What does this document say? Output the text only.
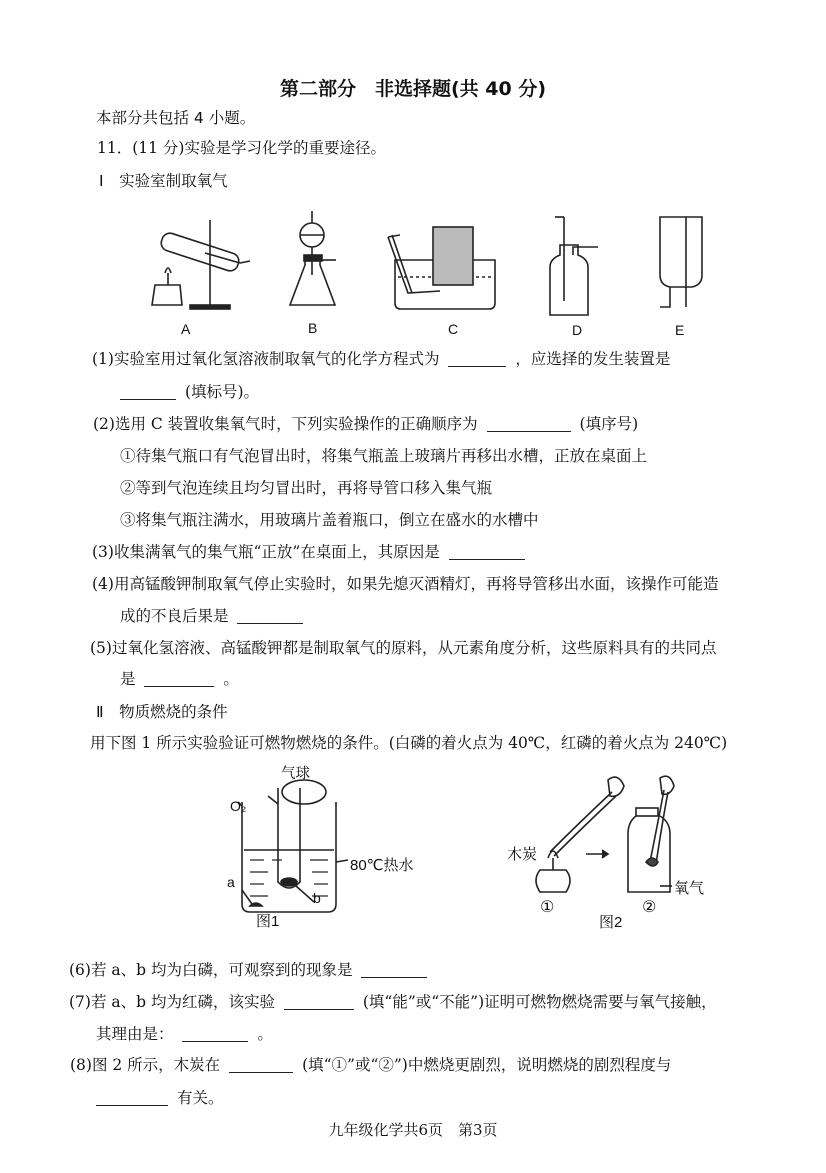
第二部分　非选择题(共 40 分)
本部分共包括 4 小题。
11．(11 分)实验是学习化学的重要途径。
Ⅰ　实验室制取氧气
A	B	C	D	E
(1)实验室用过氧化氢溶液制取氧气的化学方程式为	，应选择的发生装置是
(填标号)。
(2)选用 C 装置收集氧气时，下列实验操作的正确顺序为	(填序号)
①待集气瓶口有气泡冒出时，将集气瓶盖上玻璃片再移出水槽，正放在桌面上
②等到气泡连续且均匀冒出时，再将导管口移入集气瓶
③将集气瓶注满水，用玻璃片盖着瓶口，倒立在盛水的水槽中
(3)收集满氧气的集气瓶“正放”在桌面上，其原因是
(4)用高锰酸钾制取氧气停止实验时，如果先熄灭酒精灯，再将导管移出水面，该操作可能造
成的不良后果是
(5)过氧化氢溶液、高锰酸钾都是制取氧气的原料，从元素角度分析，这些原料具有的共同点
是	。
Ⅱ　物质燃烧的条件
用下图 1 所示实验验证可燃物燃烧的条件。(白磷的着火点为 40℃，红磷的着火点为 240℃)
气球
O₂
80℃热水
a
b
图1
木炭
氧气
①	②
图2
(6)若 a、b 均为白磷，可观察到的现象是
(7)若 a、b 均为红磷，该实验	(填“能”或“不能”)证明可燃物燃烧需要与氧气接触，
其理由是：	。
(8)图 2 所示，木炭在	(填“①”或“②”)中燃烧更剧烈，说明燃烧的剧烈程度与
有关。
九年级化学共6页　第3页
